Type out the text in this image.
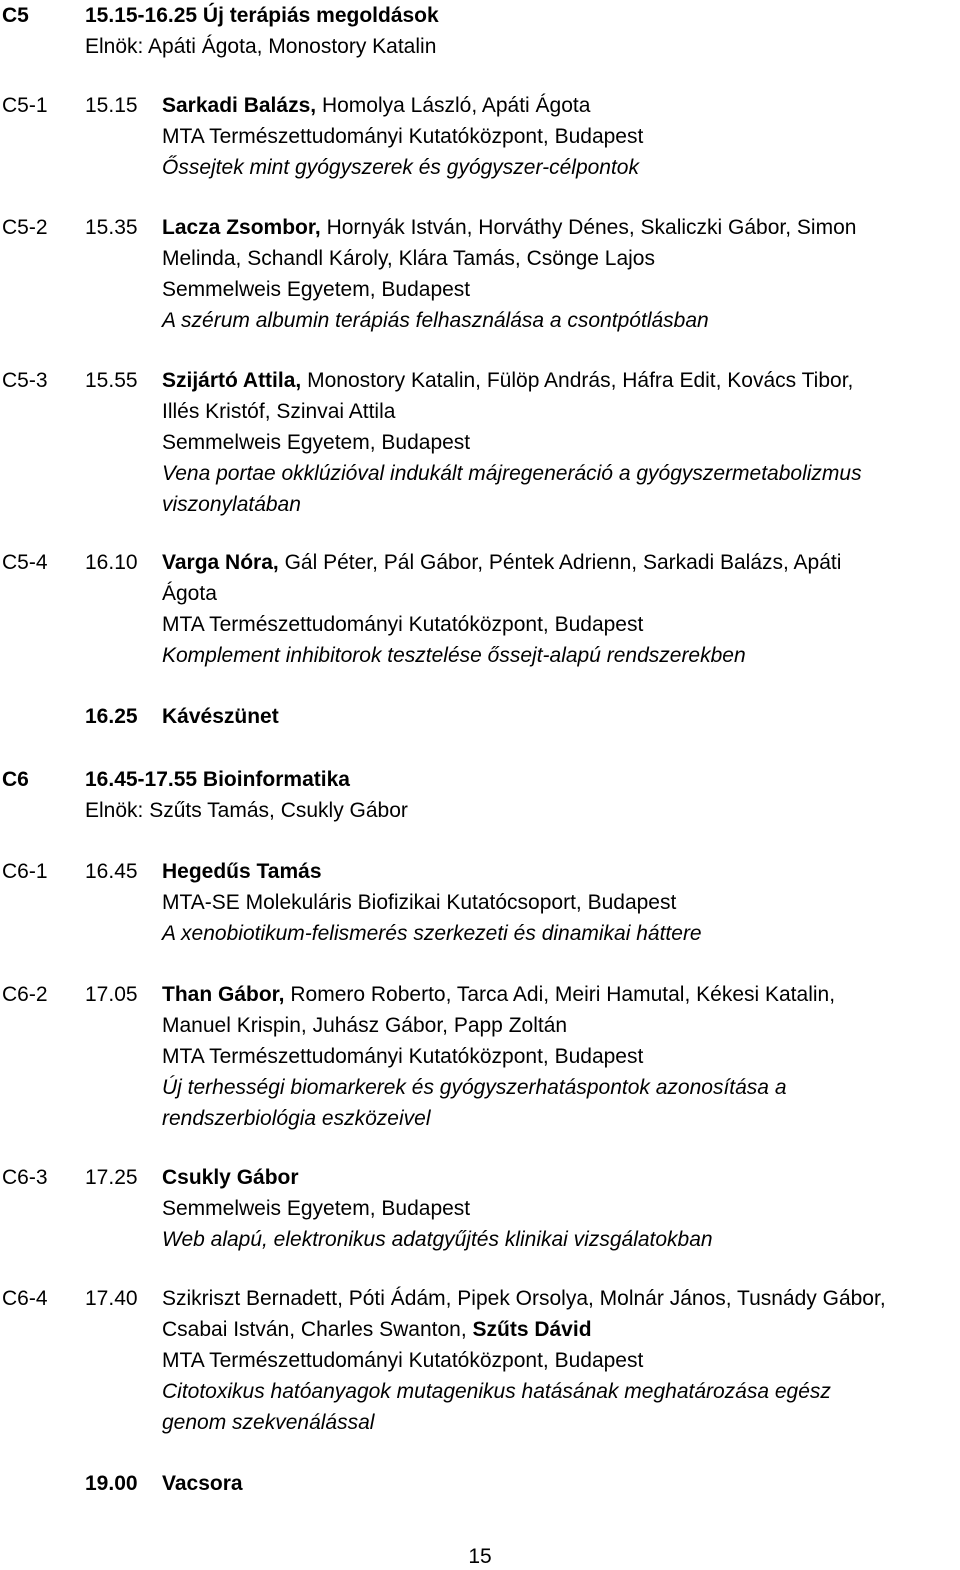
C5	15.15-16.25 Új terápiás megoldások
Elnök: Apáti Ágota, Monostory Katalin
C5-1 15.15 Sarkadi Balázs, Homolya László, Apáti Ágota
MTA Természettudományi Kutatóközpont, Budapest
Őssejtek mint gyógyszerek és gyógyszer-célpontok
C5-2 15.35 Lacza Zsombor, Hornyák István, Horváthy Dénes, Skaliczki Gábor, Simon
Melinda, Schandl Károly, Klára Tamás, Csönge Lajos
Semmelweis Egyetem, Budapest
A szérum albumin terápiás felhasználása a csontpótlásban
C5-3 15.55 Szijártó Attila, Monostory Katalin, Fülöp András, Háfra Edit, Kovács Tibor,
Illés Kristóf, Szinvai Attila
Semmelweis Egyetem, Budapest
Vena portae okklúzióval indukált májregeneráció a gyógyszermetabolizmus
viszonylatában
C5-4 16.10 Varga Nóra, Gál Péter, Pál Gábor, Péntek Adrienn, Sarkadi Balázs, Apáti
Ágota
MTA Természettudományi Kutatóközpont, Budapest
Komplement inhibitorok tesztelése őssejt-alapú rendszerekben
16.25 Kávészünet
C6	16.45-17.55 Bioinformatika
Elnök: Szűts Tamás, Csukly Gábor
C6-1 16.45 Hegedűs Tamás
MTA-SE Molekuláris Biofizikai Kutatócsoport, Budapest
A xenobiotikum-felismerés szerkezeti és dinamikai háttere
C6-2 17.05 Than Gábor, Romero Roberto, Tarca Adi, Meiri Hamutal, Kékesi Katalin,
Manuel Krispin, Juhász Gábor, Papp Zoltán
MTA Természettudományi Kutatóközpont, Budapest
Új terhességi biomarkerek és gyógyszerhatáspontok azonosítása a
rendszerbiológia eszközeivel
C6-3 17.25 Csukly Gábor
Semmelweis Egyetem, Budapest
Web alapú, elektronikus adatgyűjtés klinikai vizsgálatokban
C6-4 17.40 Szikriszt Bernadett, Póti Ádám, Pipek Orsolya, Molnár János, Tusnády Gábor,
Csabai István, Charles Swanton, Szűts Dávid
MTA Természettudományi Kutatóközpont, Budapest
Citotoxikus hatóanyagok mutagenikus hatásának meghatározása egész
genom szekvenálással
19.00 Vacsora
15
